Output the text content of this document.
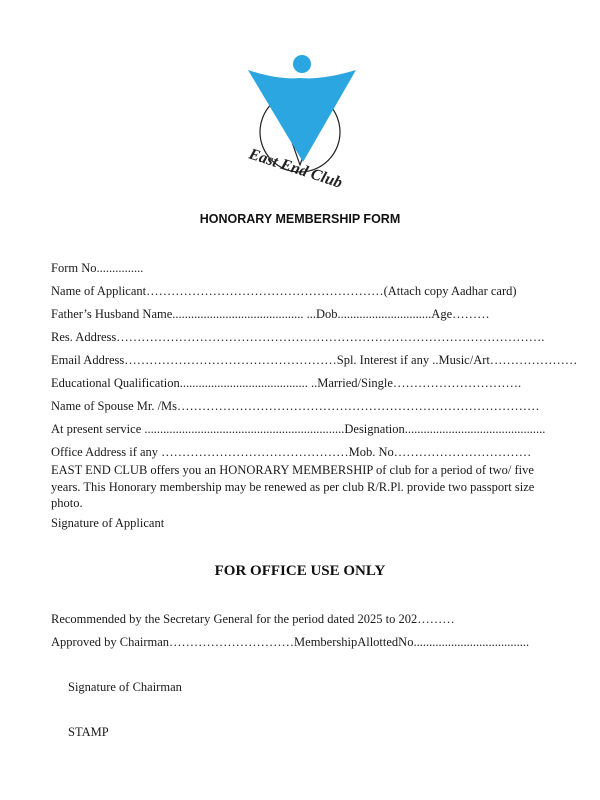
East End Club
HONORARY MEMBERSHIP FORM
Form No...............
Name of Applicant…………………………………………………(Attach copy Aadhar card)
Father’s Husband Name.......................................... ...Dob..............................Age………
Res. Address………………………………………………………………………………………….
Email Address……………………………………………Spl. Interest if any ..Music/Art…………………
Educational Qualification......................................... ..Married/Single………………………….
Name of Spouse Mr. /Ms……………………………………………………………………………
At present service ................................................................Designation.............................................
Office Address if any ………………………………………Mob. No……………………………
EAST END CLUB offers you an HONORARY MEMBERSHIP of club for a period of two/ five years. This Honorary membership may be renewed as per club R/R.Pl. provide two passport size photo.
Signature of Applicant
FOR OFFICE USE ONLY
Recommended by the Secretary General for the period dated 2025 to 202………
Approved by Chairman…………………………MembershipAllottedNo.....................................
Signature of Chairman
STAMP
